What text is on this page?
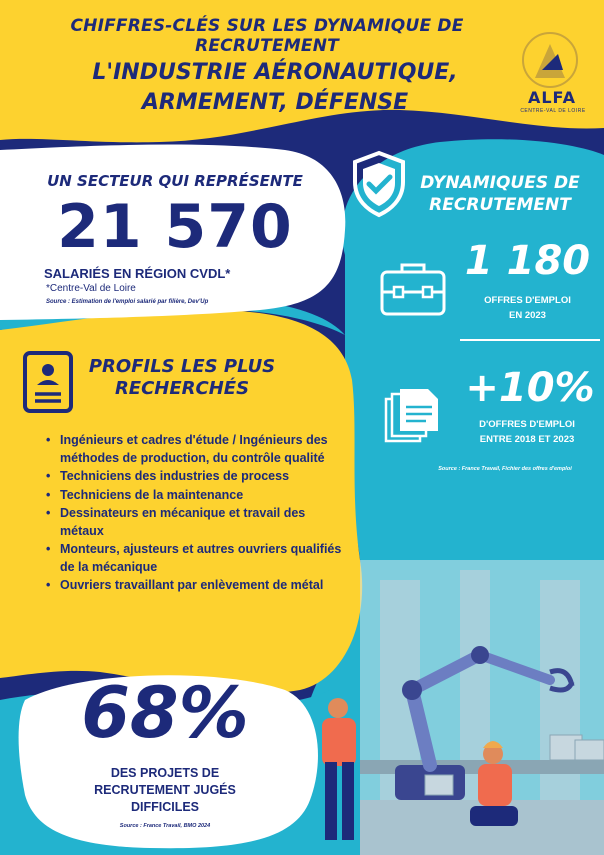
CHIFFRES-CLÉS SUR LES DYNAMIQUE DE RECRUTEMENT
L'INDUSTRIE AÉRONAUTIQUE,
ARMEMENT, DÉFENSE	ALFA
CENTRE-VAL DE LOIRE
UN SECTEUR QUI REPRÉSENTE
21 570
SALARIÉS EN RÉGION CVDL*
*Centre-Val de Loire
Source : Estimation de l'emploi salarié par filière, Dev'Up
DYNAMIQUES DE
RECRUTEMENT
1 180
OFFRES D'EMPLOI
EN 2023
+10%
D'OFFRES D'EMPLOI
ENTRE 2018 ET 2023
Source : France Travail, Fichier des offres d'emploi
PROFILS LES PLUS
RECHERCHÉS
• Ingénieurs et cadres d'étude / Ingénieurs des méthodes de production, du contrôle qualité
• Techniciens des industries de process
• Techniciens de la maintenance
• Dessinateurs en mécanique et travail des métaux
• Monteurs, ajusteurs et autres ouvriers qualifiés de la mécanique
• Ouvriers travaillant par enlèvement de métal
68%
DES PROJETS DE
RECRUTEMENT JUGÉS
DIFFICILES
Source : France Travail, BMO 2024
